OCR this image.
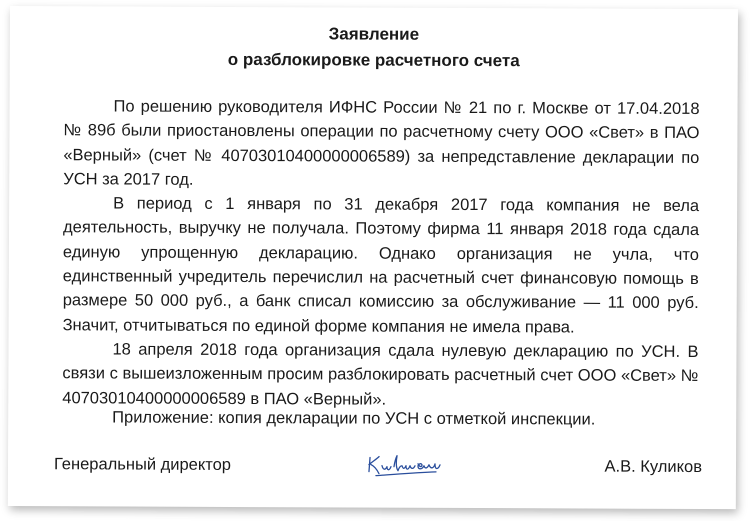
Заявление
о разблокировке расчетного счета

По решению руководителя ИФНС России № 21 по г. Москве от 17.04.2018 № 89б были приостановлены операции по расчетному счету ООО «Свет» в ПАО «Верный» (счет № 40703010400000006589) за непредставление декларации по УСН за 2017 год.

В период с 1 января по 31 декабря 2017 года компания не вела деятельность, выручку не получала. Поэтому фирма 11 января 2018 года сдала единую упрощенную декларацию. Однако организация не учла, что единственный учредитель перечислил на расчетный счет финансовую помощь в размере 50 000 руб., а банк списал комиссию за обслуживание — 11 000 руб. Значит, отчитываться по единой форме компания не имела права.

18 апреля 2018 года организация сдала нулевую декларацию по УСН. В связи с вышеизложенным просим разблокировать расчетный счет ООО «Свет» № 40703010400000006589 в ПАО «Верный».

Приложение: копия декларации по УСН с отметкой инспекции.
Генеральный директор	А.В. Куликов
